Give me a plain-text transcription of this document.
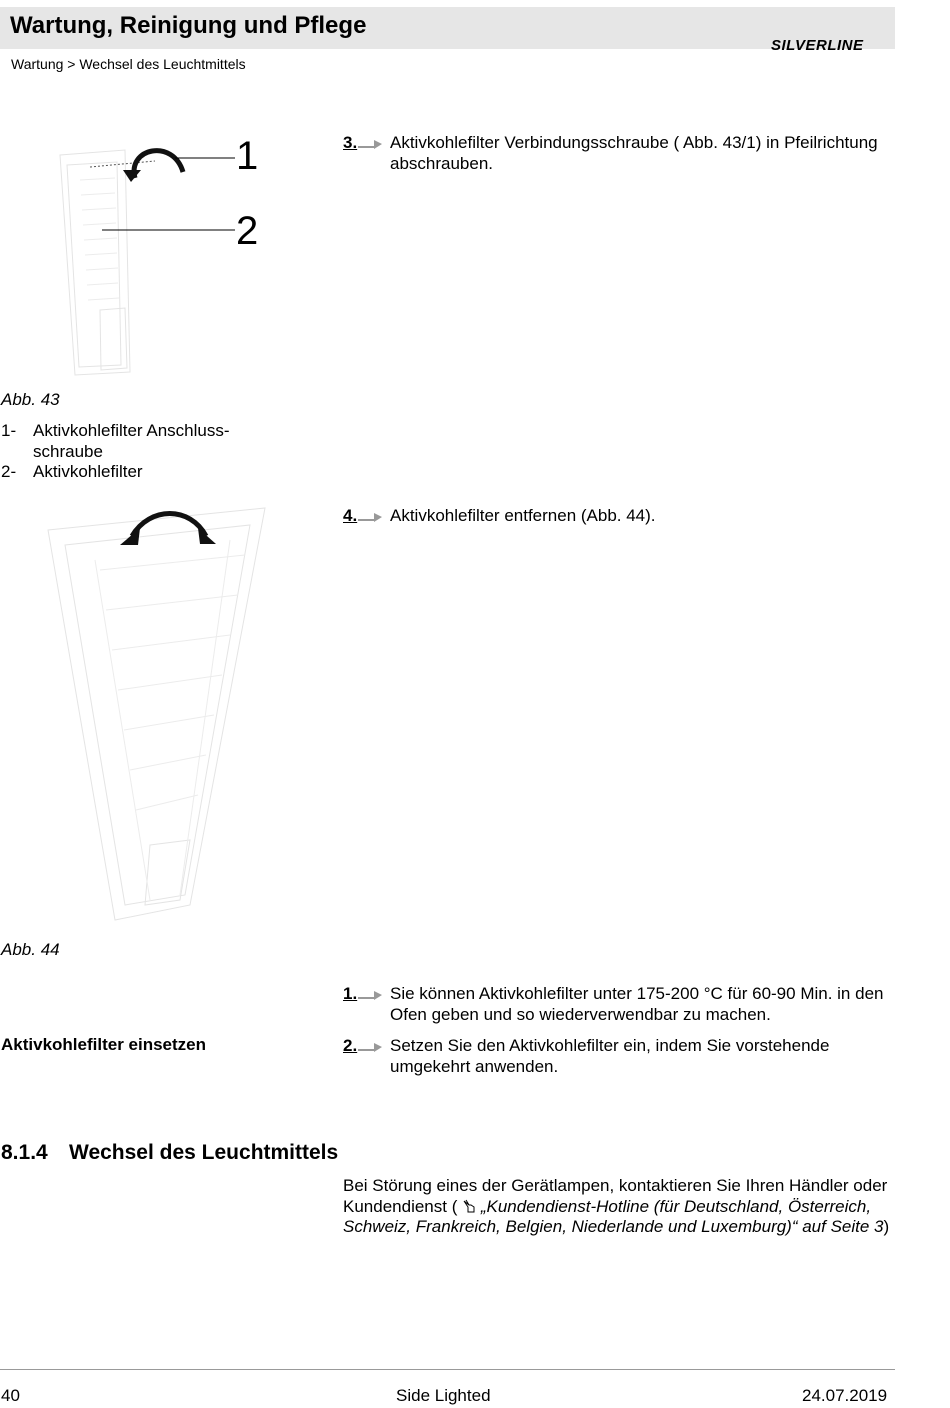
Wartung, Reinigung und Pflege
SILVERLINE
Wartung > Wechsel des Leuchtmittels
1
2
Abb. 43
1- Aktivkohlefilter Anschluss-schraube
2- Aktivkohlefilter
Abb. 44
3. Aktivkohlefilter Verbindungsschraube ( Abb. 43/1) in Pfeilrichtung abschrauben.
4. Aktivkohlefilter entfernen (Abb. 44).
1. Sie können Aktivkohlefilter unter 175-200 °C für 60-90 Min. in den Ofen geben und so wiederverwendbar zu machen.
Aktivkohlefilter einsetzen	2. Setzen Sie den Aktivkohlefilter ein, indem Sie vorstehende umgekehrt anwenden.
8.1.4 Wechsel des Leuchtmittels
Bei Störung eines der Gerätlampen, kontaktieren Sie Ihren Händler oder Kundendienst ( „Kundendienst-Hotline (für Deutschland, Österreich, Schweiz, Frankreich, Belgien, Niederlande und Luxemburg)“ auf Seite 3)
40	Side Lighted	24.07.2019
